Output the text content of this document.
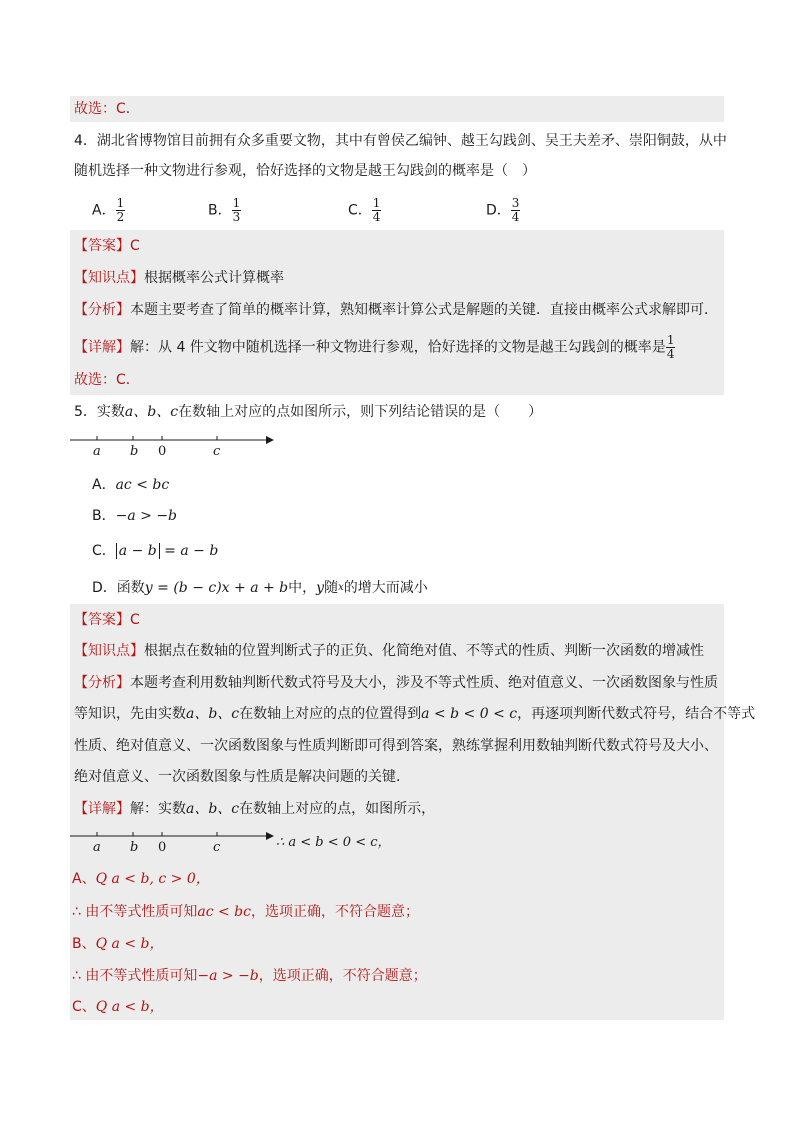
故选：C．
4．湖北省博物馆目前拥有众多重要文物，其中有曾侯乙编钟、越王勾践剑、吴王夫差矛、崇阳铜鼓，从中
随机选择一种文物进行参观，恰好选择的文物是越王勾践剑的概率是（　）
A． $\frac{1}{2}$	B． $\frac{1}{3}$	C． $\frac{1}{4}$	D． $\frac{3}{4}$
【答案】C
【知识点】根据概率公式计算概率
【分析】本题主要考查了简单的概率计算，熟知概率计算公式是解题的关键．直接由概率公式求解即可．
【详解】解：从 4 件文物中随机选择一种文物进行参观，恰好选择的文物是越王勾践剑的概率是 $\frac{1}{4}$
故选：C．
5．实数a、b、c在数轴上对应的点如图所示，则下列结论错误的是（　　）
a b 0	c
A．ac < bc
B．−a > −b
C． a − b = a − b
D．函数y = (b − c)x + a + b中，y随$^x$的增大而减小
【答案】C
【知识点】根据点在数轴的位置判断式子的正负、化简绝对值、不等式的性质、判断一次函数的增减性
【分析】本题考查利用数轴判断代数式符号及大小，涉及不等式性质、绝对值意义、一次函数图象与性质
等知识，先由实数a、b、c在数轴上对应的点的位置得到a < b < 0 < c，再逐项判断代数式符号，结合不等式
性质、绝对值意义、一次函数图象与性质判断即可得到答案，熟练掌握利用数轴判断代数式符号及大小、
绝对值意义、一次函数图象与性质是解决问题的关键．
【详解】解：实数a、b、c在数轴上对应的点，如图所示，
a b 0	c	∴ a < b < 0 < c，
A、Q a < b, c > 0，
∴ 由不等式性质可知ac < bc，选项正确，不符合题意；
B、Q a < b，
∴ 由不等式性质可知−a > −b，选项正确，不符合题意；
C、Q a < b，
